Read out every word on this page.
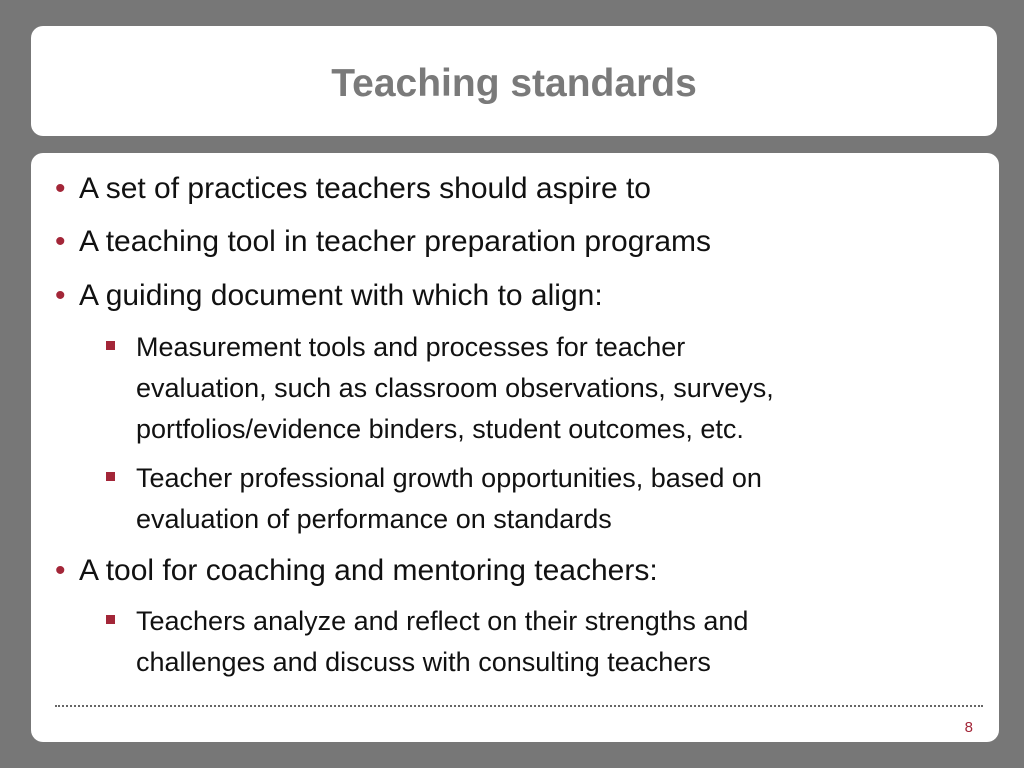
Teaching standards
• A set of practices teachers should aspire to
• A teaching tool in teacher preparation programs
• A guiding document with which to align:
Measurement tools and processes for teacher
evaluation, such as classroom observations, surveys,
portfolios/evidence binders, student outcomes, etc.
Teacher professional growth opportunities, based on
evaluation of performance on standards
• A tool for coaching and mentoring teachers:
Teachers analyze and reflect on their strengths and
challenges and discuss with consulting teachers
8
